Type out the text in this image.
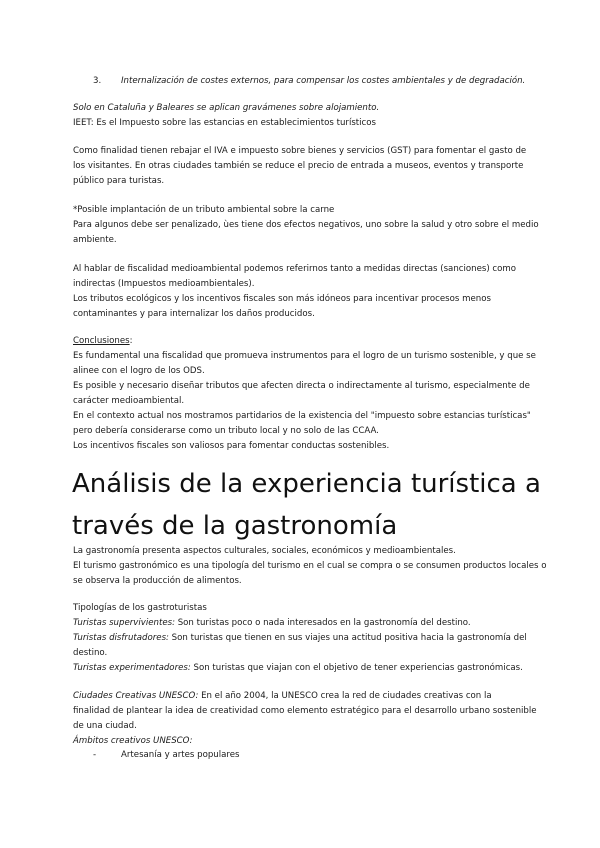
3. Internalización de costes externos, para compensar los costes ambientales y de degradación.
Solo en Cataluña y Baleares se aplican gravámenes sobre alojamiento.
IEET: Es el Impuesto sobre las estancias en establecimientos turísticos
Como finalidad tienen rebajar el IVA e impuesto sobre bienes y servicios (GST) para fomentar el gasto de
los visitantes. En otras ciudades también se reduce el precio de entrada a museos, eventos y transporte
público para turistas.
*Posible implantación de un tributo ambiental sobre la carne
Para algunos debe ser penalizado, ùes tiene dos efectos negativos, uno sobre la salud y otro sobre el medio
ambiente.
Al hablar de fiscalidad medioambiental podemos referirnos tanto a medidas directas (sanciones) como
indirectas (Impuestos medioambientales).
Los tributos ecológicos y los incentivos fiscales son más idóneos para incentivar procesos menos
contaminantes y para internalizar los daños producidos.
Conclusiones:
Es fundamental una fiscalidad que promueva instrumentos para el logro de un turismo sostenible, y que se
alinee con el logro de los ODS.
Es posible y necesario diseñar tributos que afecten directa o indirectamente al turismo, especialmente de
carácter medioambiental.
En el contexto actual nos mostramos partidarios de la existencia del "impuesto sobre estancias turísticas"
pero debería considerarse como un tributo local y no solo de las CCAA.
Los incentivos fiscales son valiosos para fomentar conductas sostenibles.
Análisis de la experiencia turística a
través de la gastronomía
La gastronomía presenta aspectos culturales, sociales, económicos y medioambientales.
El turismo gastronómico es una tipología del turismo en el cual se compra o se consumen productos locales o
se observa la producción de alimentos.
Tipologías de los gastroturistas
Turistas supervivientes: Son turistas poco o nada interesados en la gastronomía del destino.
Turistas disfrutadores: Son turistas que tienen en sus viajes una actitud positiva hacia la gastronomía del
destino.
Turistas experimentadores: Son turistas que viajan con el objetivo de tener experiencias gastronómicas.
Ciudades Creativas UNESCO: En el año 2004, la UNESCO crea la red de ciudades creativas con la
finalidad de plantear la idea de creatividad como elemento estratégico para el desarrollo urbano sostenible
de una ciudad.
Ámbitos creativos UNESCO:
-	Artesanía y artes populares
